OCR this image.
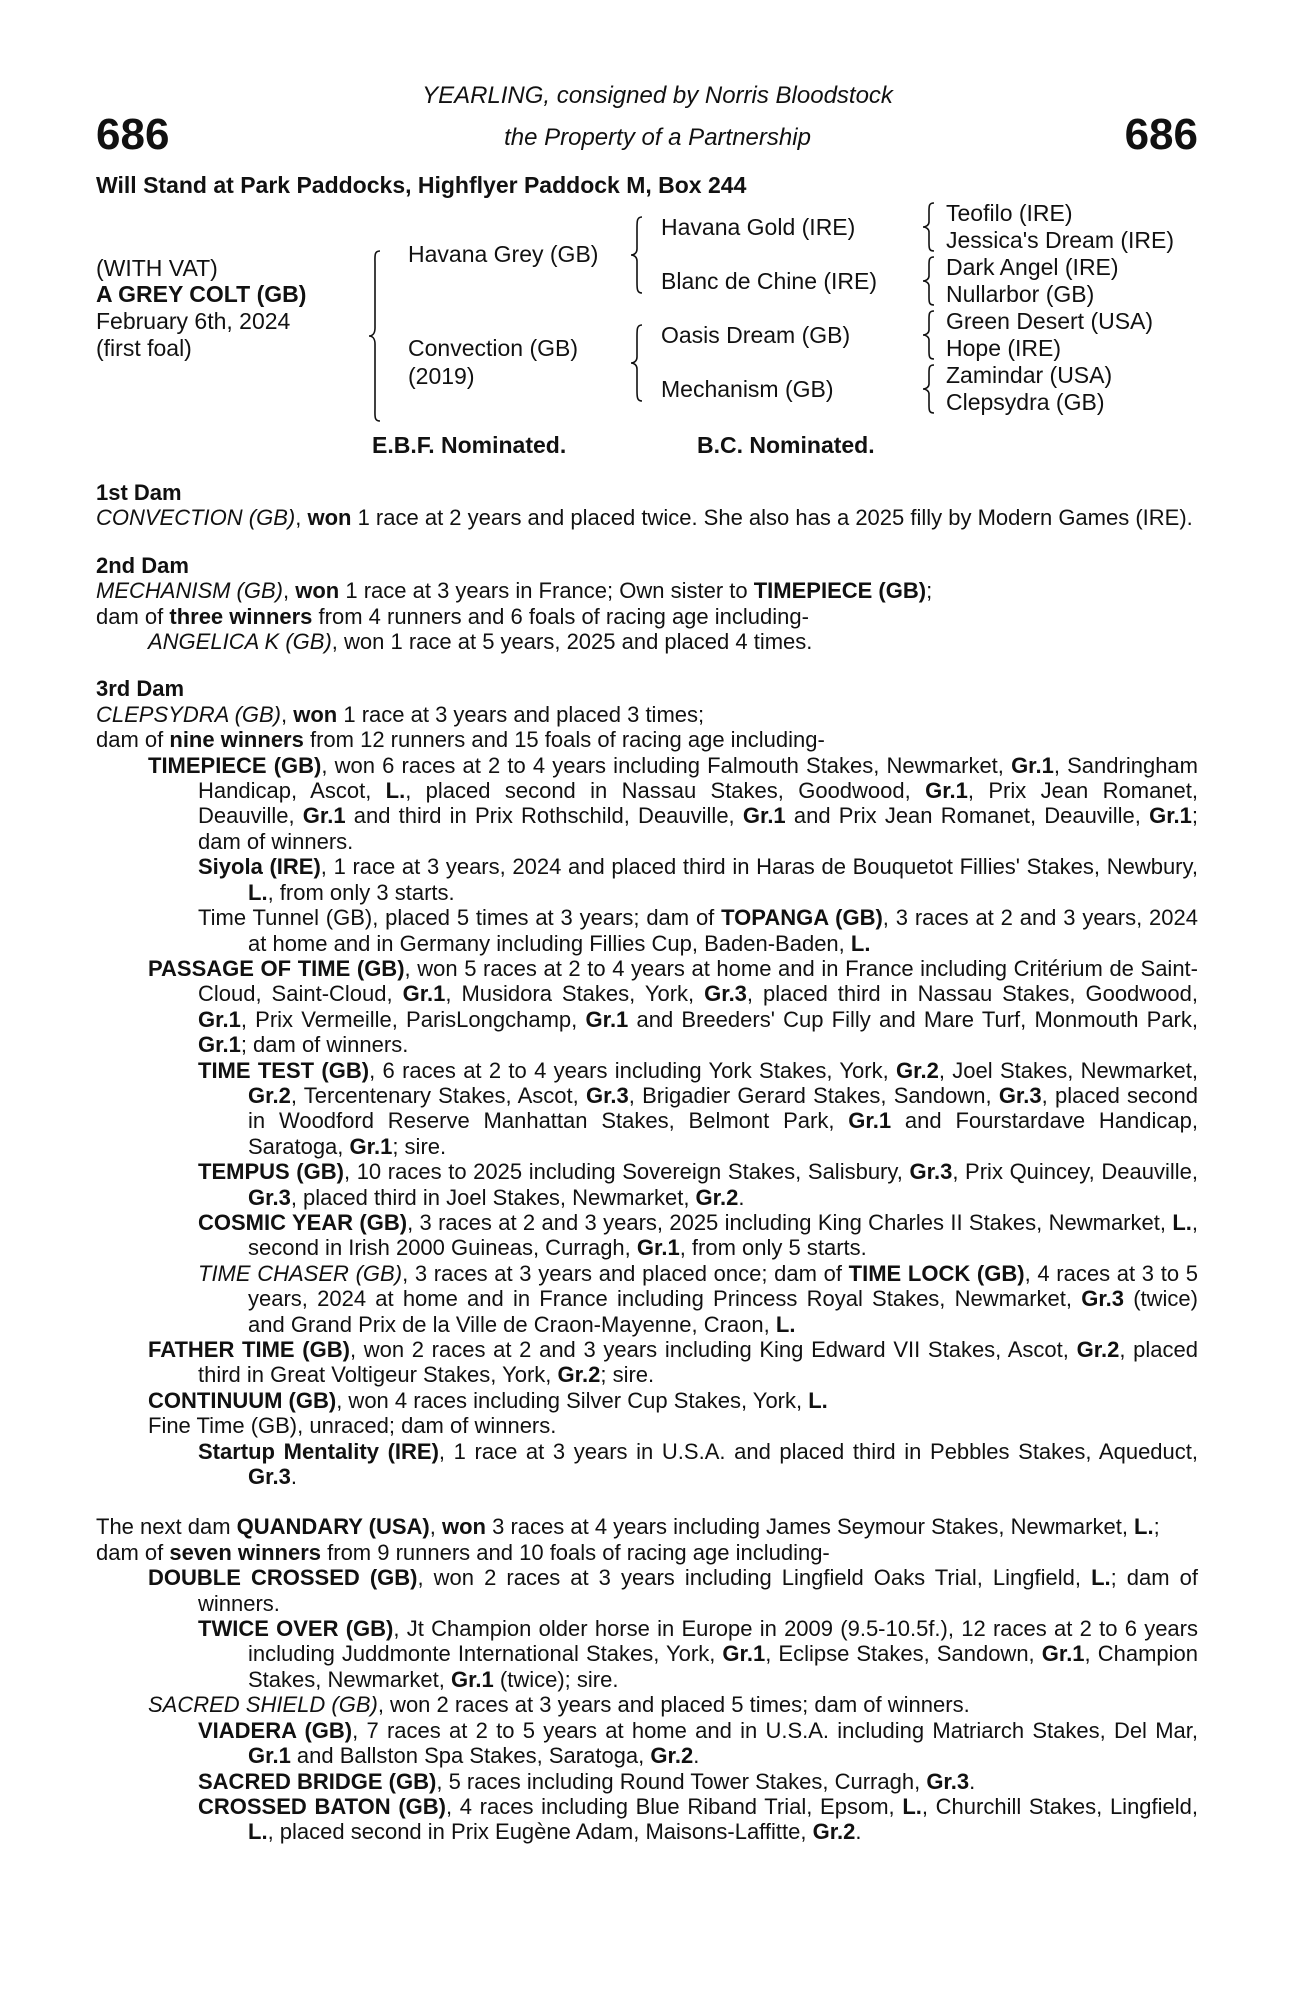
YEARLING, consigned by Norris Bloodstock
the Property of a Partnership
686	686
Will Stand at Park Paddocks, Highflyer Paddock M, Box 244
(WITH VAT)
A GREY COLT (GB)
February 6th, 2024
(first foal)
Havana Grey (GB)
Convection (GB)
(2019)
Havana Gold (IRE)
Blanc de Chine (IRE)
Oasis Dream (GB)
Mechanism (GB)
Teofilo (IRE)
Jessica's Dream (IRE)
Dark Angel (IRE)
Nullarbor (GB)
Green Desert (USA)
Hope (IRE)
Zamindar (USA)
Clepsydra (GB)
E.B.F. Nominated.	B.C. Nominated.
1st Dam
CONVECTION (GB), won 1 race at 2 years and placed twice. She also has a 2025 filly by Modern Games (IRE).
2nd Dam
MECHANISM (GB), won 1 race at 3 years in France; Own sister to TIMEPIECE (GB);
dam of three winners from 4 runners and 6 foals of racing age including-
ANGELICA K (GB), won 1 race at 5 years, 2025 and placed 4 times.
3rd Dam
CLEPSYDRA (GB), won 1 race at 3 years and placed 3 times;
dam of nine winners from 12 runners and 15 foals of racing age including-
TIMEPIECE (GB), won 6 races at 2 to 4 years including Falmouth Stakes, Newmarket, Gr.1, Sandringham Handicap, Ascot, L., placed second in Nassau Stakes, Goodwood, Gr.1, Prix Jean Romanet, Deauville, Gr.1 and third in Prix Rothschild, Deauville, Gr.1 and Prix Jean Romanet, Deauville, Gr.1; dam of winners.
Siyola (IRE), 1 race at 3 years, 2024 and placed third in Haras de Bouquetot Fillies' Stakes, Newbury, L., from only 3 starts.
Time Tunnel (GB), placed 5 times at 3 years; dam of TOPANGA (GB), 3 races at 2 and 3 years, 2024 at home and in Germany including Fillies Cup, Baden-Baden, L.
PASSAGE OF TIME (GB), won 5 races at 2 to 4 years at home and in France including Critérium de Saint-Cloud, Saint-Cloud, Gr.1, Musidora Stakes, York, Gr.3, placed third in Nassau Stakes, Goodwood, Gr.1, Prix Vermeille, ParisLongchamp, Gr.1 and Breeders' Cup Filly and Mare Turf, Monmouth Park, Gr.1; dam of winners.
TIME TEST (GB), 6 races at 2 to 4 years including York Stakes, York, Gr.2, Joel Stakes, Newmarket, Gr.2, Tercentenary Stakes, Ascot, Gr.3, Brigadier Gerard Stakes, Sandown, Gr.3, placed second in Woodford Reserve Manhattan Stakes, Belmont Park, Gr.1 and Fourstardave Handicap, Saratoga, Gr.1; sire.
TEMPUS (GB), 10 races to 2025 including Sovereign Stakes, Salisbury, Gr.3, Prix Quincey, Deauville, Gr.3, placed third in Joel Stakes, Newmarket, Gr.2.
COSMIC YEAR (GB), 3 races at 2 and 3 years, 2025 including King Charles II Stakes, Newmarket, L., second in Irish 2000 Guineas, Curragh, Gr.1, from only 5 starts.
TIME CHASER (GB), 3 races at 3 years and placed once; dam of TIME LOCK (GB), 4 races at 3 to 5 years, 2024 at home and in France including Princess Royal Stakes, Newmarket, Gr.3 (twice) and Grand Prix de la Ville de Craon-Mayenne, Craon, L.
FATHER TIME (GB), won 2 races at 2 and 3 years including King Edward VII Stakes, Ascot, Gr.2, placed third in Great Voltigeur Stakes, York, Gr.2; sire.
CONTINUUM (GB), won 4 races including Silver Cup Stakes, York, L.
Fine Time (GB), unraced; dam of winners.
Startup Mentality (IRE), 1 race at 3 years in U.S.A. and placed third in Pebbles Stakes, Aqueduct, Gr.3.
The next dam QUANDARY (USA), won 3 races at 4 years including James Seymour Stakes, Newmarket, L.;
dam of seven winners from 9 runners and 10 foals of racing age including-
DOUBLE CROSSED (GB), won 2 races at 3 years including Lingfield Oaks Trial, Lingfield, L.; dam of winners.
TWICE OVER (GB), Jt Champion older horse in Europe in 2009 (9.5-10.5f.), 12 races at 2 to 6 years including Juddmonte International Stakes, York, Gr.1, Eclipse Stakes, Sandown, Gr.1, Champion Stakes, Newmarket, Gr.1 (twice); sire.
SACRED SHIELD (GB), won 2 races at 3 years and placed 5 times; dam of winners.
VIADERA (GB), 7 races at 2 to 5 years at home and in U.S.A. including Matriarch Stakes, Del Mar, Gr.1 and Ballston Spa Stakes, Saratoga, Gr.2.
SACRED BRIDGE (GB), 5 races including Round Tower Stakes, Curragh, Gr.3.
CROSSED BATON (GB), 4 races including Blue Riband Trial, Epsom, L., Churchill Stakes, Lingfield, L., placed second in Prix Eugène Adam, Maisons-Laffitte, Gr.2.
